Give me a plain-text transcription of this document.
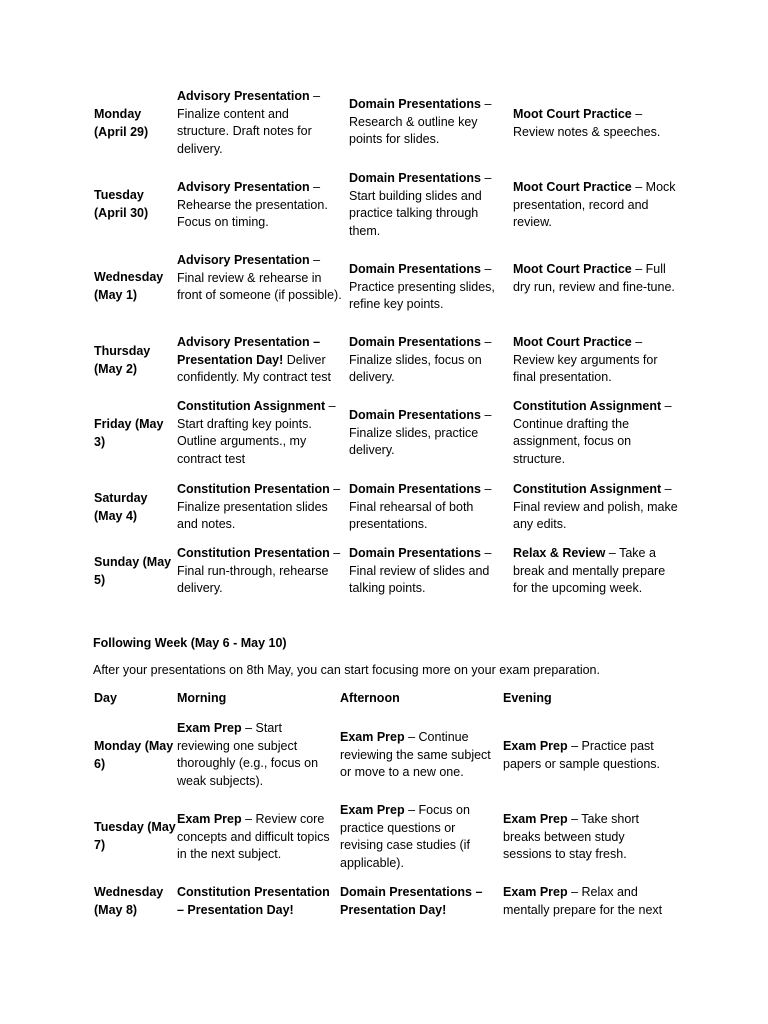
Monday (April 29)
Advisory Presentation – Finalize content and structure. Draft notes for delivery.
Domain Presentations – Research & outline key points for slides.
Moot Court Practice – Review notes & speeches.
Tuesday (April 30)
Advisory Presentation – Rehearse the presentation. Focus on timing.
Domain Presentations – Start building slides and practice talking through them.
Moot Court Practice – Mock presentation, record and review.
Wednesday (May 1)
Advisory Presentation – Final review & rehearse in front of someone (if possible).
Domain Presentations – Practice presenting slides, refine key points.
Moot Court Practice – Full dry run, review and fine-tune.
Thursday (May 2)
Advisory Presentation – Presentation Day! Deliver confidently. My contract test
Domain Presentations – Finalize slides, focus on delivery.
Moot Court Practice – Review key arguments for final presentation.
Friday (May 3)
Constitution Assignment – Start drafting key points. Outline arguments., my contract test
Domain Presentations – Finalize slides, practice delivery.
Constitution Assignment – Continue drafting the assignment, focus on structure.
Saturday (May 4)
Constitution Presentation – Finalize presentation slides and notes.
Domain Presentations – Final rehearsal of both presentations.
Constitution Assignment – Final review and polish, make any edits.
Sunday (May 5)
Constitution Presentation – Final run-through, rehearse delivery.
Domain Presentations – Final review of slides and talking points.
Relax & Review – Take a break and mentally prepare for the upcoming week.
Following Week (May 6 - May 10)
After your presentations on 8th May, you can start focusing more on your exam preparation.
Day	Morning	Afternoon	Evening
Monday (May 6)
Exam Prep – Start reviewing one subject thoroughly (e.g., focus on weak subjects).
Exam Prep – Continue reviewing the same subject or move to a new one.
Exam Prep – Practice past papers or sample questions.
Tuesday (May 7)
Exam Prep – Review core concepts and difficult topics in the next subject.
Exam Prep – Focus on practice questions or revising case studies (if applicable).
Exam Prep – Take short breaks between study sessions to stay fresh.
Wednesday (May 8)
Constitution Presentation – Presentation Day!
Domain Presentations – Presentation Day!
Exam Prep – Relax and mentally prepare for the next
